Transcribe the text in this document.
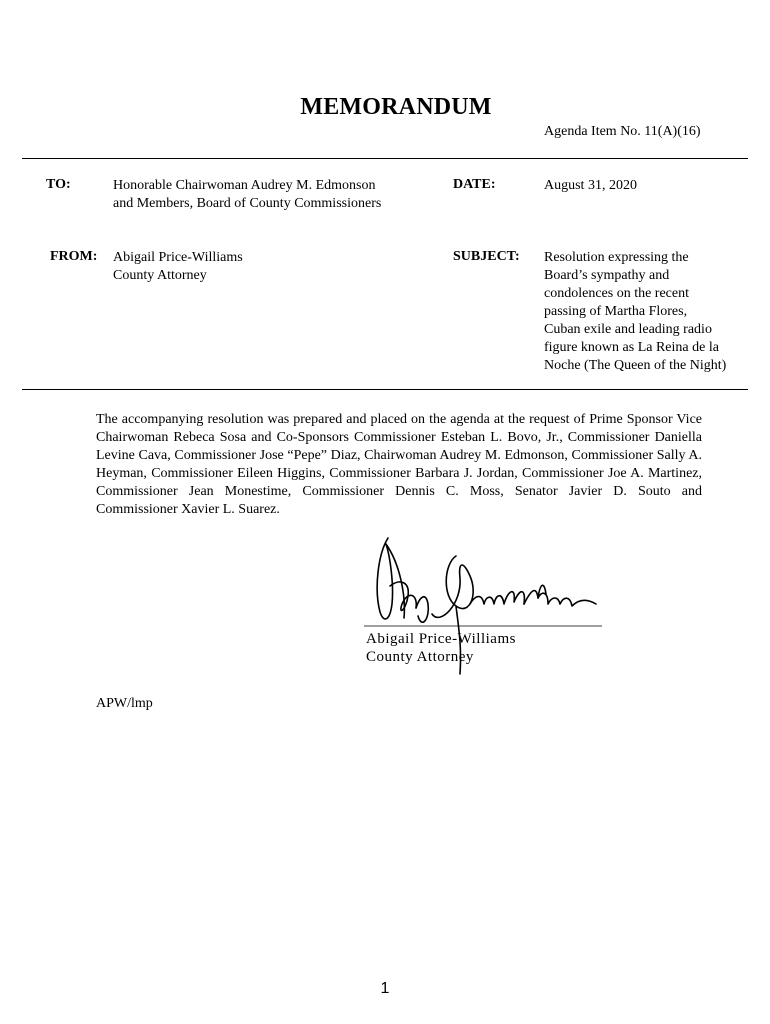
MEMORANDUM
Agenda Item No. 11(A)(16)
TO:	Honorable Chairwoman Audrey M. Edmonson
and Members, Board of County Commissioners
DATE:	August 31, 2020
FROM: Abigail Price-Williams
County Attorney
SUBJECT: Resolution expressing the
Board’s sympathy and
condolences on the recent
passing of Martha Flores,
Cuban exile and leading radio
figure known as La Reina de la
Noche (The Queen of the Night)
The accompanying resolution was prepared and placed on the agenda at the request of Prime Sponsor Vice Chairwoman Rebeca Sosa and Co-Sponsors Commissioner Esteban L. Bovo, Jr., Commissioner Daniella Levine Cava, Commissioner Jose “Pepe” Diaz, Chairwoman Audrey M. Edmonson, Commissioner Sally A. Heyman, Commissioner Eileen Higgins, Commissioner Barbara J. Jordan, Commissioner Joe A. Martinez, Commissioner Jean Monestime, Commissioner Dennis C. Moss, Senator Javier D. Souto and Commissioner Xavier L. Suarez.
Abigail Price-Williams
County Attorney
APW/lmp
1
